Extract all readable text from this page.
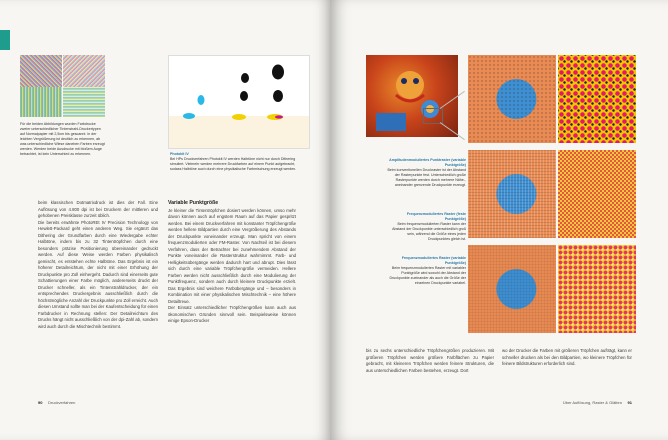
Für die beiden Abbildungen wurden Farbdrucke zweier unterschiedlicher Tintenstrahl-Druckertypen auf Normalpapier mit 2,5cm bis gescannt. In der leichten Vergrößerung ist deutlich zu erkennen, ab was unterschiedliche Wiese daneben Farben erzeugt werden. Werden beide Ausdrucke mit bloßem Auge betrachtet, ist kein Unterschied zu erkennen.	Photokit IV
Bei HPs Druckverfahren Photokit IV werden Halbtöne nicht nur durch Dithering simuliert. Vielmehr werden mehrere Druckfarben auf einem Punkt aufgebracht, sodass Halbtöne auch durch eine physikalische Farbmischung erzeugt werden.

beim klassischen Dotmatrixdruck ist dies der Fall. Eine Auflösung von 4.800 dpi ist bei Druckern der mittleren und gehobenen Preisklasse zurzeit üblich.
Die bereits erwähnte PhotoREt IV Precision Technology von Hewlett-Packard geht einen anderen Weg. Sie ergänzt das Dithering der Grundfarben durch eine Wiedergabe echter Halbtöne, indem bis zu 32 Tintentröpfchen durch eine besonders präzise Positionierung übereinander gedruckt werden. Auf diese Weise werden Farben physikalisch gemischt, es entstehen echte Halbtöne. Das Ergebnis ist ein höherer Detailreichtum, der nicht mit einer Erhöhung der Druckpunkte pro Zoll einhergeht. Dadurch sind einerseits gute Schattierungen einer Farbe möglich, andererseits druckt der Drucker schneller, als ein Tintenstrahldrucker, der ein entsprechendes Druckergebnis ausschließlich durch die höchstmögliche Anzahl der Druckpunkte pro Zoll erreicht. Auch diesen Umstand sollte man bei der Kaufentscheidung für einen Farbdrucker in Rechnung stellen: Der Detailreichtum des Drucks hängt nicht ausschließlich von der dpi-Zahl ab, sondern wird auch durch die Mischtechnik bestimmt.

Variable Punktgröße

Je kleiner die Tintentröpfchen dosiert werden können, umso mehr davon können auch auf engstem Raum auf das Papier gespritzt werden. Bei einem Druckverfahren mit konstanter Tröpfchengröße werden hellere Bildpartien durch eine Vergrößerung des Abstands der Druckpunkte voneinander erzeugt. Man spricht von einem frequenzmodulierten oder FM-Raster. Von Nachteil ist bei diesem Verfahren, dass der Betrachter bei zunehmendem Abstand der Punkte voneinander die Rasterstruktur wahrnimmt. Farb- und Helligkeitsübergänge werden dadurch hart und abrupt. Dies lässt sich durch eine variable Tröpfchengröße vermeiden. Hellere Farben werden nicht ausschließlich durch eine Modulierung der Punktfrequenz, sondern auch durch kleinere Druckpunkte erzielt. Das Ergebnis sind weichere Farbübergänge und – besonders in Kombination mit einer physikalischen Mischtechnik – eine höhere Detailtreue.
Der Einsatz unterschiedlicher Tröpfchengrößen kann auch aus ökonomischen Gründen sinnvoll sein. Beispielsweise können einige Epson-Drucker

90 Druckverfahren
Amplitudenmoduliertes Punktraster (variable Punktgröße)
Beim konventionellen Druckraster ist der Abstand der Rasterpunkte fest. Unterschiedlich große Rasterpunkte werden durch mehrere Nähe-, aneinander grenzende Druckpunkte erzeugt.
Frequenzmoduliertes Raster (feste Punktgröße)
Beim frequenzmodulierten Raster kann der Abstand der Druckpunkte unterschiedlich groß sein, während die Größe eines jeden Druckpunktes gleich ist.
Frequenzmoduliertes Raster (variable Punktgröße)
Beim frequenzmodulierten Raster mit variabler Punktgröße wird sowohl der Abstand der Druckpunkte zueinander als auch die Größe der einzelnen Druckpunkte variabel.

bis zu sechs unterschiedliche Tröpfchengrößen produzieren. Mit größeren Tröpfchen werden größere Farbflächen zu Papier gebracht, mit kleineren Tröpfchen werden feinere Strukturen, die aus unterschiedlichen Farben bestehen, erzeugt. Dort

wo der Drucker die Farben mit größeren Tröpfchen aufträgt, kann er schneller drucken als bei den Bildpartien, wo kleinere Tröpfchen für feinere Bildstrukturen erforderlich sind.

Über Auflösung, Raster & Glätten 91
